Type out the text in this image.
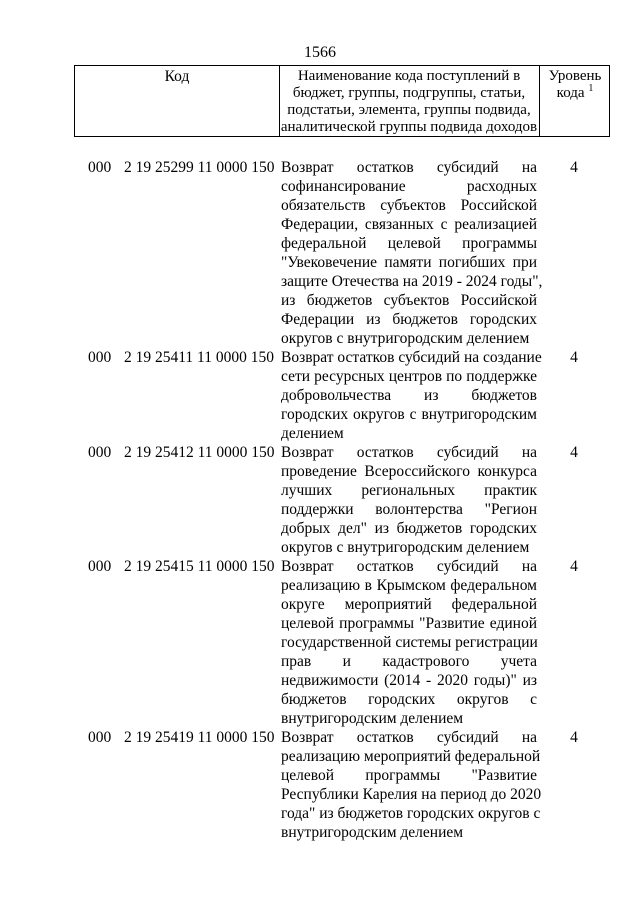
1566
Код	Наименование кода поступлений в
бюджет, группы, подгруппы, статьи,
подстатьи, элемента, группы подвида,
аналитической группы подвида доходов
Уровень
кода $^1$
000 2 19 25299 11 0000 150 Возврат остатков субсидий на
софинансирование расходных
обязательств субъектов Российской
Федерации, связанных с реализацией
федеральной целевой программы
"Увековечение памяти погибших при
защите Отечества на 2019 - 2024 годы",
из бюджетов субъектов Российской
Федерации из бюджетов городских
округов с внутригородским делением
4
000 2 19 25411 11 0000 150 Возврат остатков субсидий на создание
сети ресурсных центров по поддержке
добровольчества из бюджетов
городских округов с внутригородским
делением
4
000 2 19 25412 11 0000 150 Возврат остатков субсидий на
проведение Всероссийского конкурса
лучших региональных практик
поддержки волонтерства "Регион
добрых дел" из бюджетов городских
округов с внутригородским делением
4
000 2 19 25415 11 0000 150 Возврат остатков субсидий на
реализацию в Крымском федеральном
округе мероприятий федеральной
целевой программы "Развитие единой
государственной системы регистрации
прав и кадастрового учета
недвижимости (2014 - 2020 годы)" из
бюджетов городских округов с
внутригородским делением
4
000 2 19 25419 11 0000 150 Возврат остатков субсидий на
реализацию мероприятий федеральной
целевой программы "Развитие
Республики Карелия на период до 2020
года" из бюджетов городских округов с
внутригородским делением
4
